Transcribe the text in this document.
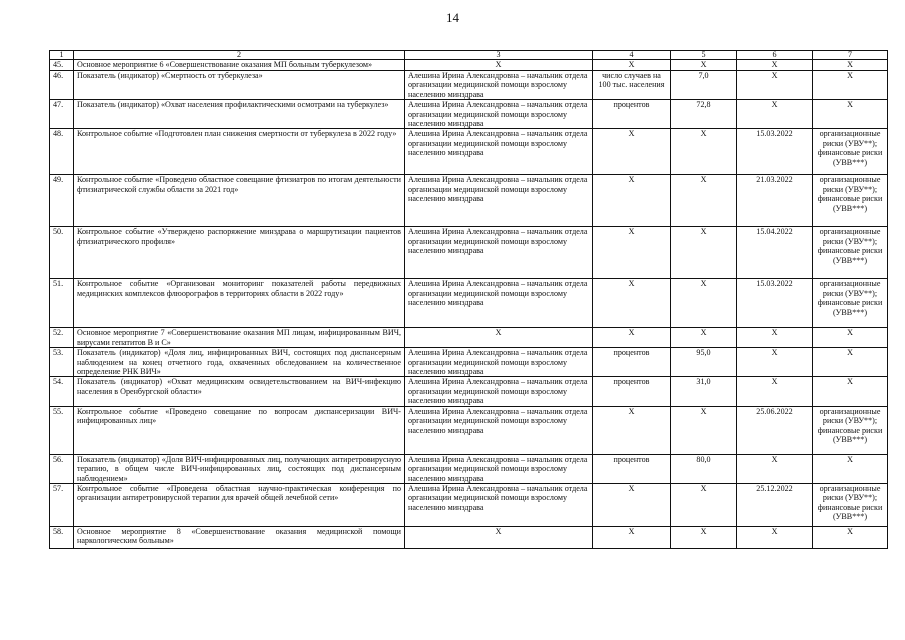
14
1	2	3	4	5	6	7
45.	Основное мероприятие 6 «Совершенствование оказания МП больным туберкулезом»	X	X	X	X	X
46.	Показатель (индикатор) «Смертность от туберкулеза»	Алешина Ирина Александровна – начальник отдела организации медицинской помощи взрослому населению минздрава	число случаев на 100 тыс. населения	7,0	X	X
47.	Показатель (индикатор) «Охват населения профилактическими осмотрами на туберкулез»	Алешина Ирина Александровна – начальник отдела организации медицинской помощи взрослому населению минздрава	процентов	72,8	X	X
48.	Контрольное событие «Подготовлен план снижения смертности от туберкулеза в 2022 году»	Алешина Ирина Александровна – начальник отдела организации медицинской помощи взрослому населению минздрава	X	X	15.03.2022	организационные риски (УВУ**); финансовые риски (УВВ***)
49.	Контрольное событие «Проведено областное совещание фтизиатров по итогам деятельности фтизиатрической службы области за 2021 год»	Алешина Ирина Александровна – начальник отдела организации медицинской помощи взрослому населению минздрава	X	X	21.03.2022	организационные риски (УВУ**); финансовые риски (УВВ***)
50.	Контрольное событие «Утверждено распоряжение минздрава о маршрутизации пациентов фтизиатрического профиля»	Алешина Ирина Александровна – начальник отдела организации медицинской помощи взрослому населению минздрава	X	X	15.04.2022	организационные риски (УВУ**); финансовые риски (УВВ***)
51.	Контрольное событие «Организован мониторинг показателей работы передвижных медицинских комплексов флюорографов в территориях области в 2022 году»	Алешина Ирина Александровна – начальник отдела организации медицинской помощи взрослому населению минздрава	X	X	15.03.2022	организационные риски (УВУ**); финансовые риски (УВВ***)
52.	Основное мероприятие 7 «Совершенствование оказания МП лицам, инфицированным ВИЧ, вирусами гепатитов В и С»	X	X	X	X	X
53.	Показатель (индикатор) «Доля лиц, инфицированных ВИЧ, состоящих под диспансерным наблюдением на конец отчетного года, охваченных обследованием на количественное определение РНК ВИЧ»	Алешина Ирина Александровна – начальник отдела организации медицинской помощи взрослому населению минздрава	процентов	95,0	X	X
54.	Показатель (индикатор) «Охват медицинским освидетельствованием на ВИЧ-инфекцию населения в Оренбургской области»	Алешина Ирина Александровна – начальник отдела организации медицинской помощи взрослому населению минздрава	процентов	31,0	X	X
55.	Контрольное событие «Проведено совещание по вопросам диспансеризации ВИЧ-инфицированных лиц»	Алешина Ирина Александровна – начальник отдела организации медицинской помощи взрослому населению минздрава	X	X	25.06.2022	организационные риски (УВУ**); финансовые риски (УВВ***)
56.	Показатель (индикатор) «Доля ВИЧ-инфицированных лиц, получающих антиретровирусную терапию, в общем числе ВИЧ-инфицированных лиц, состоящих под диспансерным наблюдением»	Алешина Ирина Александровна – начальник отдела организации медицинской помощи взрослому населению минздрава	процентов	80,0	X	X
57.	Контрольное событие «Проведена областная научно-практическая конференция по организации антиретровирусной терапии для врачей общей лечебной сети»	Алешина Ирина Александровна – начальник отдела организации медицинской помощи взрослому населению минздрава	X	X	25.12.2022	организационные риски (УВУ**); финансовые риски (УВВ***)
58.	Основное мероприятие 8 «Совершенствование оказания медицинской помощи наркологическим больным»	X	X	X	X	X
